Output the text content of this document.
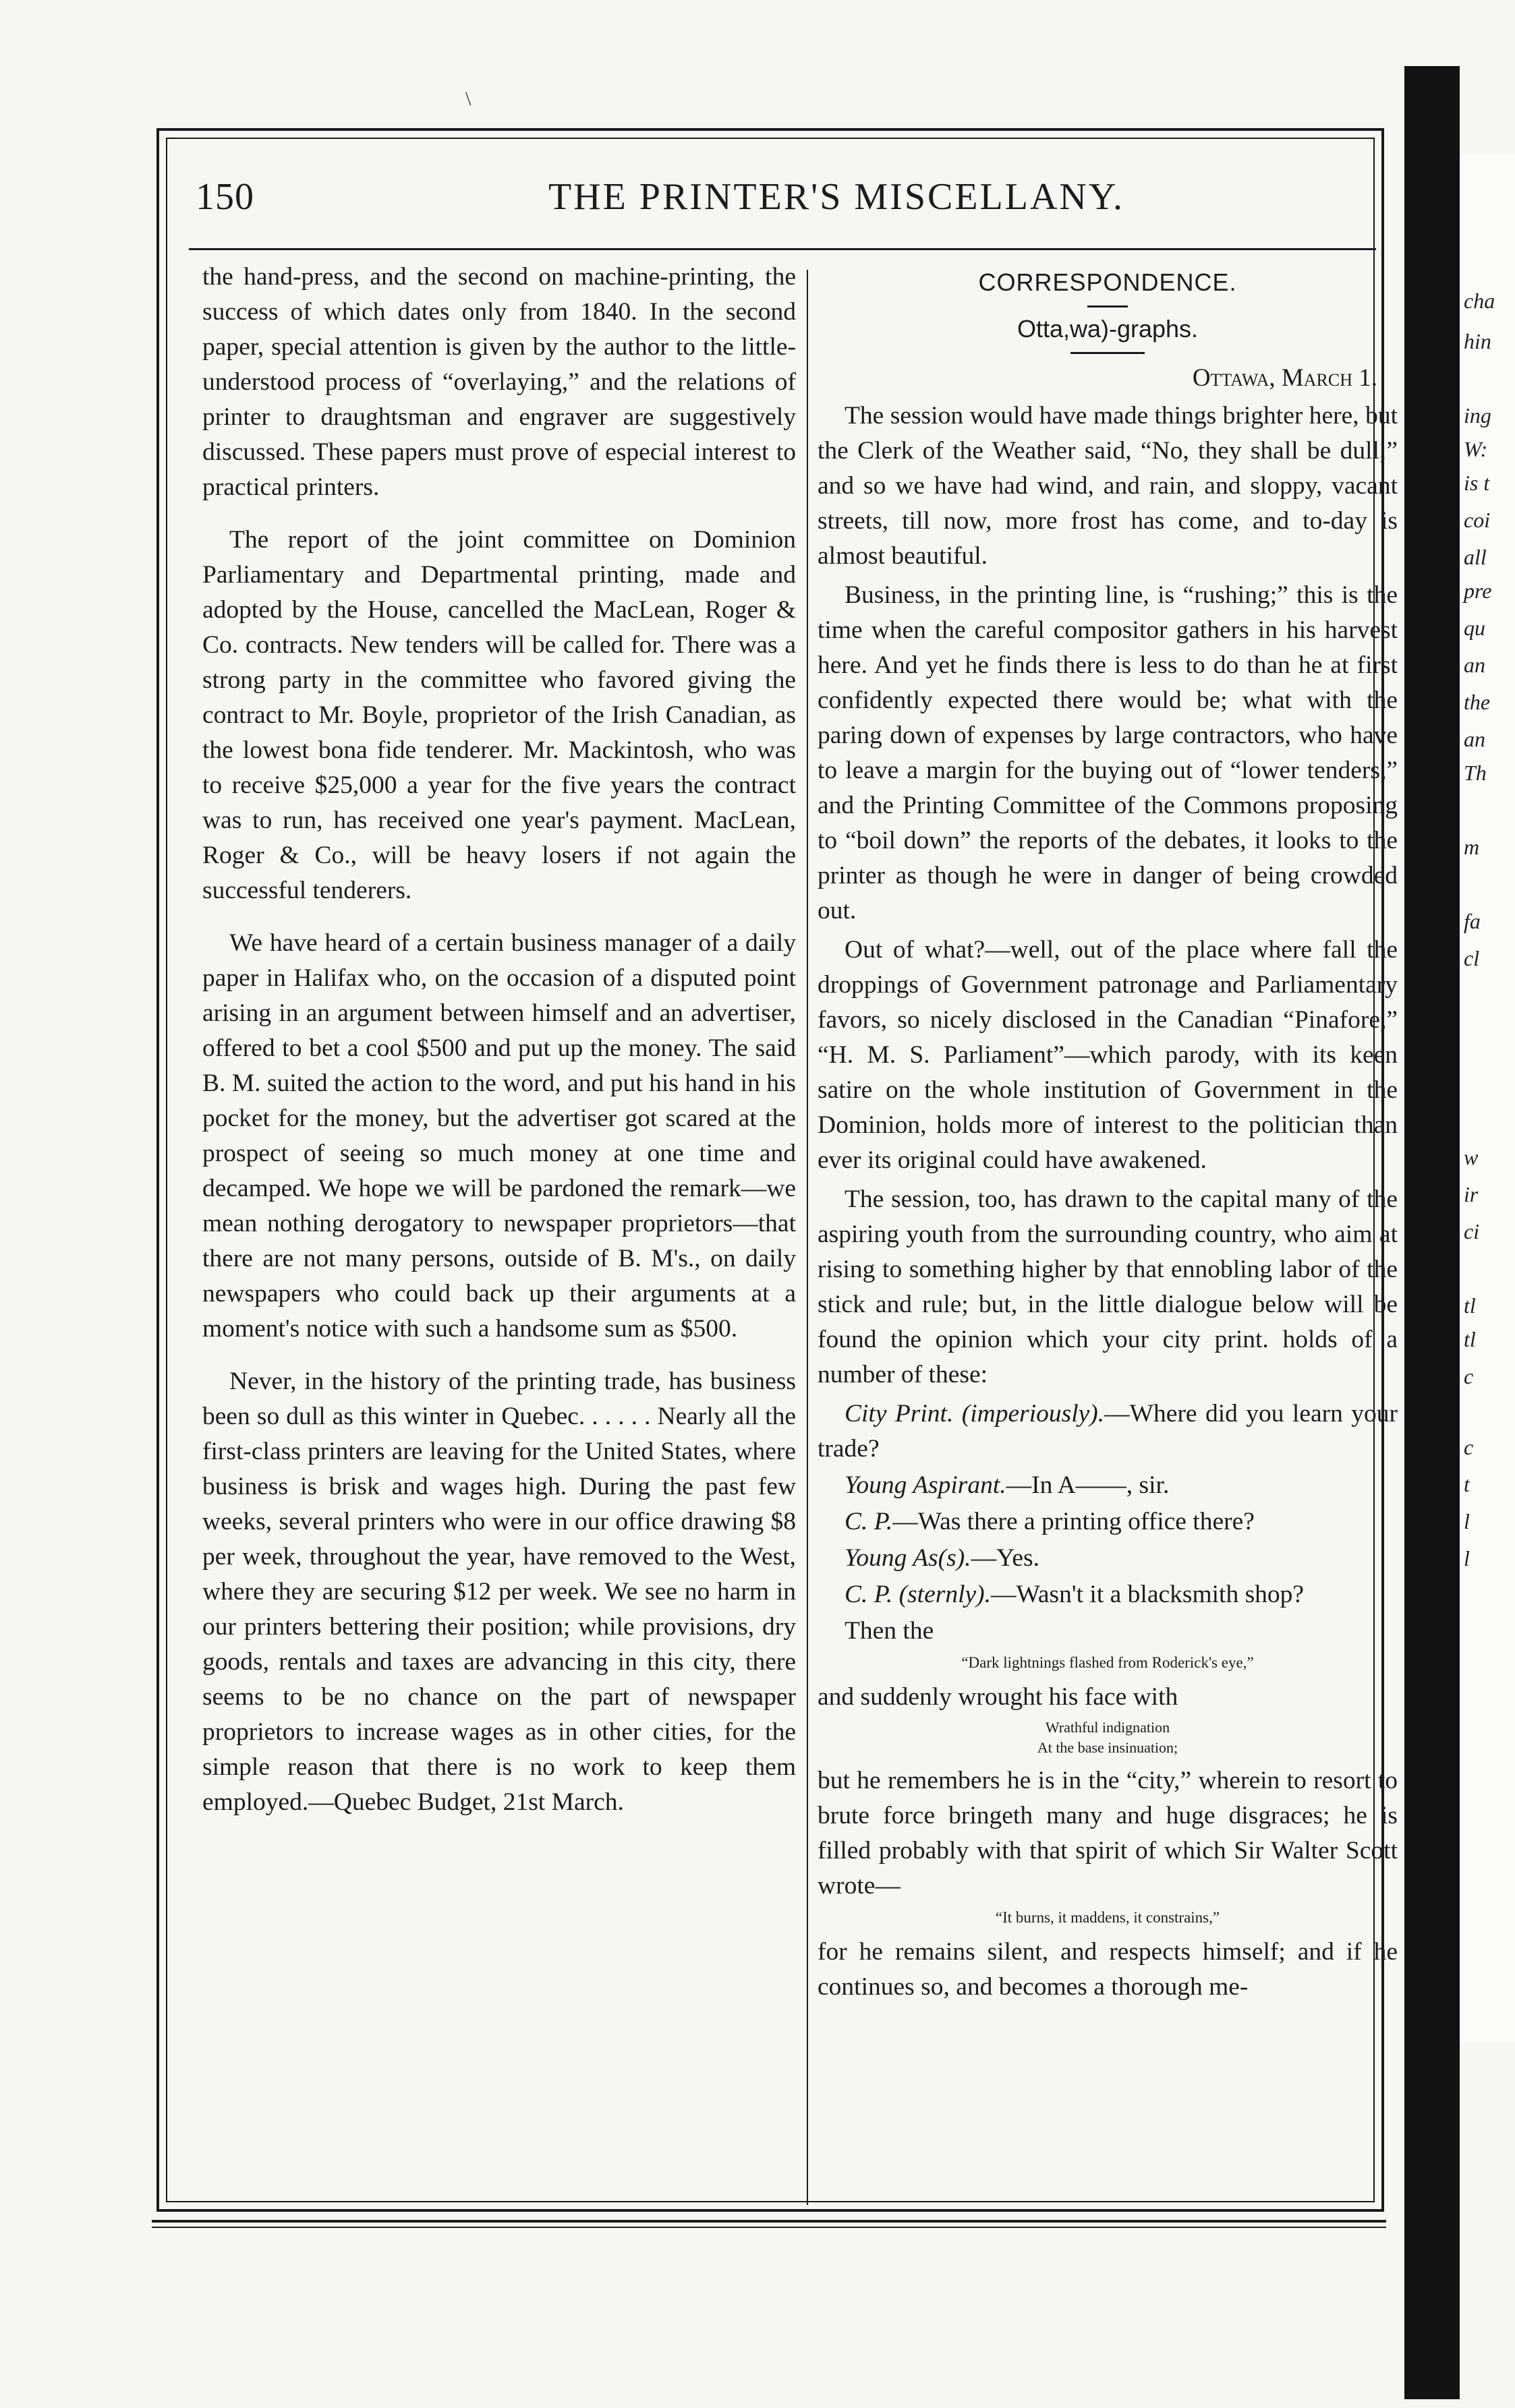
\
cha
hin
ing
W:
is t
coi
all
pre
qu
an
the
an
Th
m
fa
cl
w
ir
ci
tl
tl
c
c
t
l
l
150	THE PRINTER'S MISCELLANY.

the hand-press, and the second on machine-printing, the success of which dates only from 1840. In the second paper, special attention is given by the author to the little-understood process of “overlaying,” and the relations of printer to draughtsman and engraver are suggestively discussed. These papers must prove of especial interest to practical printers.

The report of the joint committee on Dominion Parliamentary and Departmental printing, made and adopted by the House, cancelled the MacLean, Roger & Co. contracts. New tenders will be called for. There was a strong party in the committee who favored giving the contract to Mr. Boyle, proprietor of the Irish Canadian, as the lowest bona fide tenderer. Mr. Mackintosh, who was to receive $25,000 a year for the five years the contract was to run, has received one year's payment. MacLean, Roger & Co., will be heavy losers if not again the successful tenderers.

We have heard of a certain business manager of a daily paper in Halifax who, on the occasion of a disputed point arising in an argument between himself and an advertiser, offered to bet a cool $500 and put up the money. The said B. M. suited the action to the word, and put his hand in his pocket for the money, but the advertiser got scared at the prospect of seeing so much money at one time and decamped. We hope we will be pardoned the remark—we mean nothing derogatory to newspaper proprietors—that there are not many persons, outside of B. M's., on daily newspapers who could back up their arguments at a moment's notice with such a handsome sum as $500.

Never, in the history of the printing trade, has business been so dull as this winter in Quebec. . . . . . Nearly all the first-class printers are leaving for the United States, where business is brisk and wages high. During the past few weeks, several printers who were in our office drawing $8 per week, throughout the year, have removed to the West, where they are securing $12 per week. We see no harm in our printers bettering their position; while provisions, dry goods, rentals and taxes are advancing in this city, there seems to be no chance on the part of newspaper proprietors to increase wages as in other cities, for the simple reason that there is no work to keep them employed.—Quebec Budget, 21st March.

CORRESPONDENCE.
Otta,wa)-graphs.
Ottawa, March 1.

The session would have made things brighter here, but the Clerk of the Weather said, “No, they shall be dull;” and so we have had wind, and rain, and sloppy, vacant streets, till now, more frost has come, and to-day is almost beautiful.

Business, in the printing line, is “rushing;” this is the time when the careful compositor gathers in his harvest here. And yet he finds there is less to do than he at first confidently expected there would be; what with the paring down of expenses by large contractors, who have to leave a margin for the buying out of “lower tenders,” and the Printing Committee of the Commons proposing to “boil down” the reports of the debates, it looks to the printer as though he were in danger of being crowded out.

Out of what?—well, out of the place where fall the droppings of Government patronage and Parliamentary favors, so nicely disclosed in the Canadian “Pinafore,” “H. M. S. Parliament”—which parody, with its keen satire on the whole institution of Government in the Dominion, holds more of interest to the politician than ever its original could have awakened.

The session, too, has drawn to the capital many of the aspiring youth from the surrounding country, who aim at rising to something higher by that ennobling labor of the stick and rule; but, in the little dialogue below will be found the opinion which your city print. holds of a number of these:

City Print. (imperiously).—Where did you learn your trade?
Young Aspirant.—In A——, sir.
C. P.—Was there a printing office there?
Young As(s).—Yes.
C. P. (sternly).—Wasn't it a blacksmith shop?
Then the
“Dark lightnings flashed from Roderick's eye,”
and suddenly wrought his face with
Wrathful indignation
At the base insinuation;

but he remembers he is in the “city,” wherein to resort to brute force bringeth many and huge disgraces; he is filled probably with that spirit of which Sir Walter Scott wrote—

“It burns, it maddens, it constrains,”

for he remains silent, and respects himself; and if he continues so, and becomes a thorough me-
